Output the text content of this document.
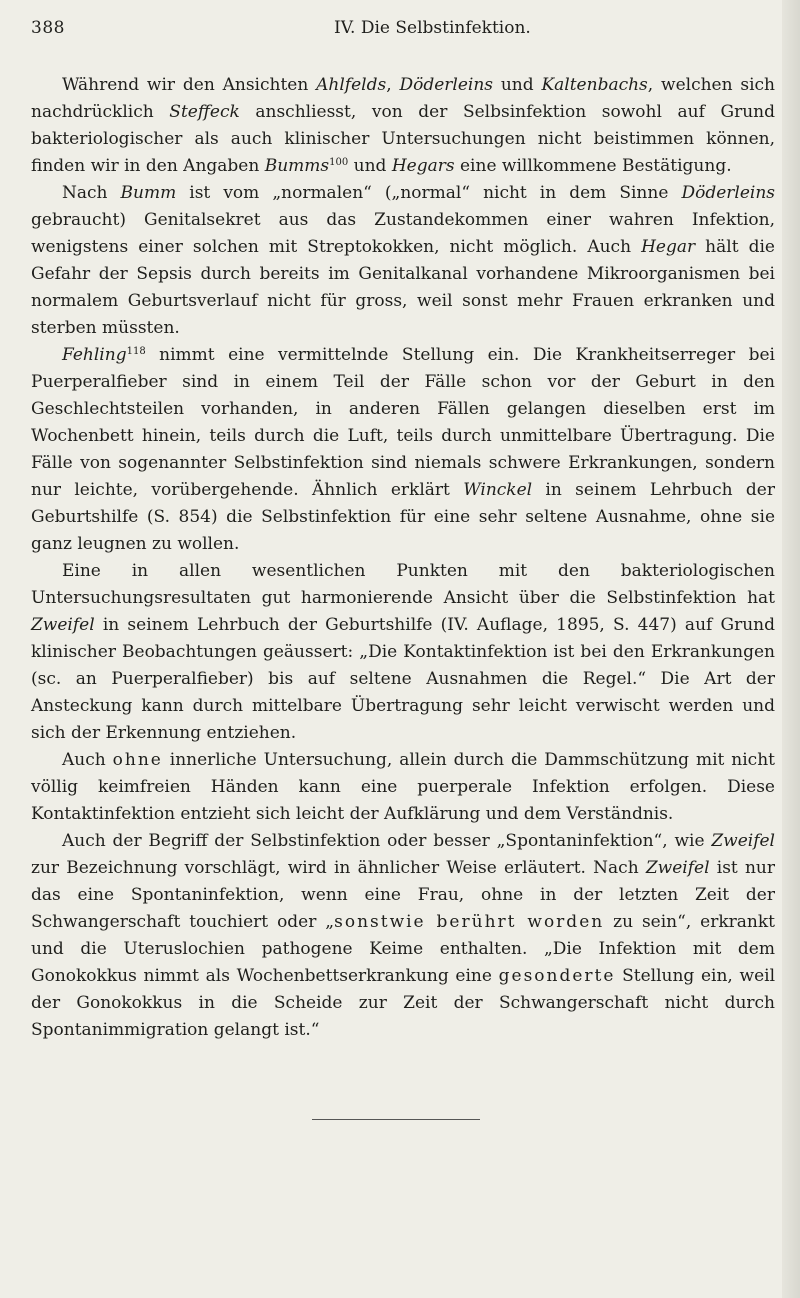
388	IV. Die Selbstinfektion.

Während wir den Ansichten Ahlfelds, Döderleins und Kaltenbachs, welchen sich nachdrücklich Steffeck anschliesst, von der Selbsinfektion sowohl auf Grund bakteriologischer als auch klinischer Untersuchungen nicht beistimmen können, finden wir in den Angaben Bumms$^{100}$ und Hegars eine willkommene Bestätigung.

Nach Bumm ist vom „normalen“ („normal“ nicht in dem Sinne Döderleins gebraucht) Genitalsekret aus das Zustandekommen einer wahren Infektion, wenigstens einer solchen mit Streptokokken, nicht möglich. Auch Hegar hält die Gefahr der Sepsis durch bereits im Genitalkanal vorhandene Mikroorganismen bei normalem Geburtsverlauf nicht für gross, weil sonst mehr Frauen erkranken und sterben müssten.

Fehling$^{118}$ nimmt eine vermittelnde Stellung ein. Die Krankheitserreger bei Puerperalfieber sind in einem Teil der Fälle schon vor der Geburt in den Geschlechtsteilen vorhanden, in anderen Fällen gelangen dieselben erst im Wochenbett hinein, teils durch die Luft, teils durch unmittelbare Übertragung. Die Fälle von sogenannter Selbstinfektion sind niemals schwere Erkrankungen, sondern nur leichte, vorübergehende. Ähnlich erklärt Winckel in seinem Lehrbuch der Geburtshilfe (S. 854) die Selbstinfektion für eine sehr seltene Ausnahme, ohne sie ganz leugnen zu wollen.

Eine in allen wesentlichen Punkten mit den bakteriologischen Untersuchungsresultaten gut harmonierende Ansicht über die Selbstinfektion hat Zweifel in seinem Lehrbuch der Geburtshilfe (IV. Auflage, 1895, S. 447) auf Grund klinischer Beobachtungen geäussert: „Die Kontaktinfektion ist bei den Erkrankungen (sc. an Puerperalfieber) bis auf seltene Ausnahmen die Regel.“ Die Art der Ansteckung kann durch mittelbare Übertragung sehr leicht verwischt werden und sich der Erkennung entziehen.

Auch ohne innerliche Untersuchung, allein durch die Dammschützung mit nicht völlig keimfreien Händen kann eine puerperale Infektion erfolgen. Diese Kontaktinfektion entzieht sich leicht der Aufklärung und dem Verständnis.

Auch der Begriff der Selbstinfektion oder besser „Spontaninfektion“, wie Zweifel zur Bezeichnung vorschlägt, wird in ähnlicher Weise erläutert. Nach Zweifel ist nur das eine Spontaninfektion, wenn eine Frau, ohne in der letzten Zeit der Schwangerschaft touchiert oder „sonstwie berührt worden zu sein“, erkrankt und die Uteruslochien pathogene Keime enthalten. „Die Infektion mit dem Gonokokkus nimmt als Wochenbettserkrankung eine gesonderte Stellung ein, weil der Gonokokkus in die Scheide zur Zeit der Schwangerschaft nicht durch Spontanimmigration gelangt ist.“
